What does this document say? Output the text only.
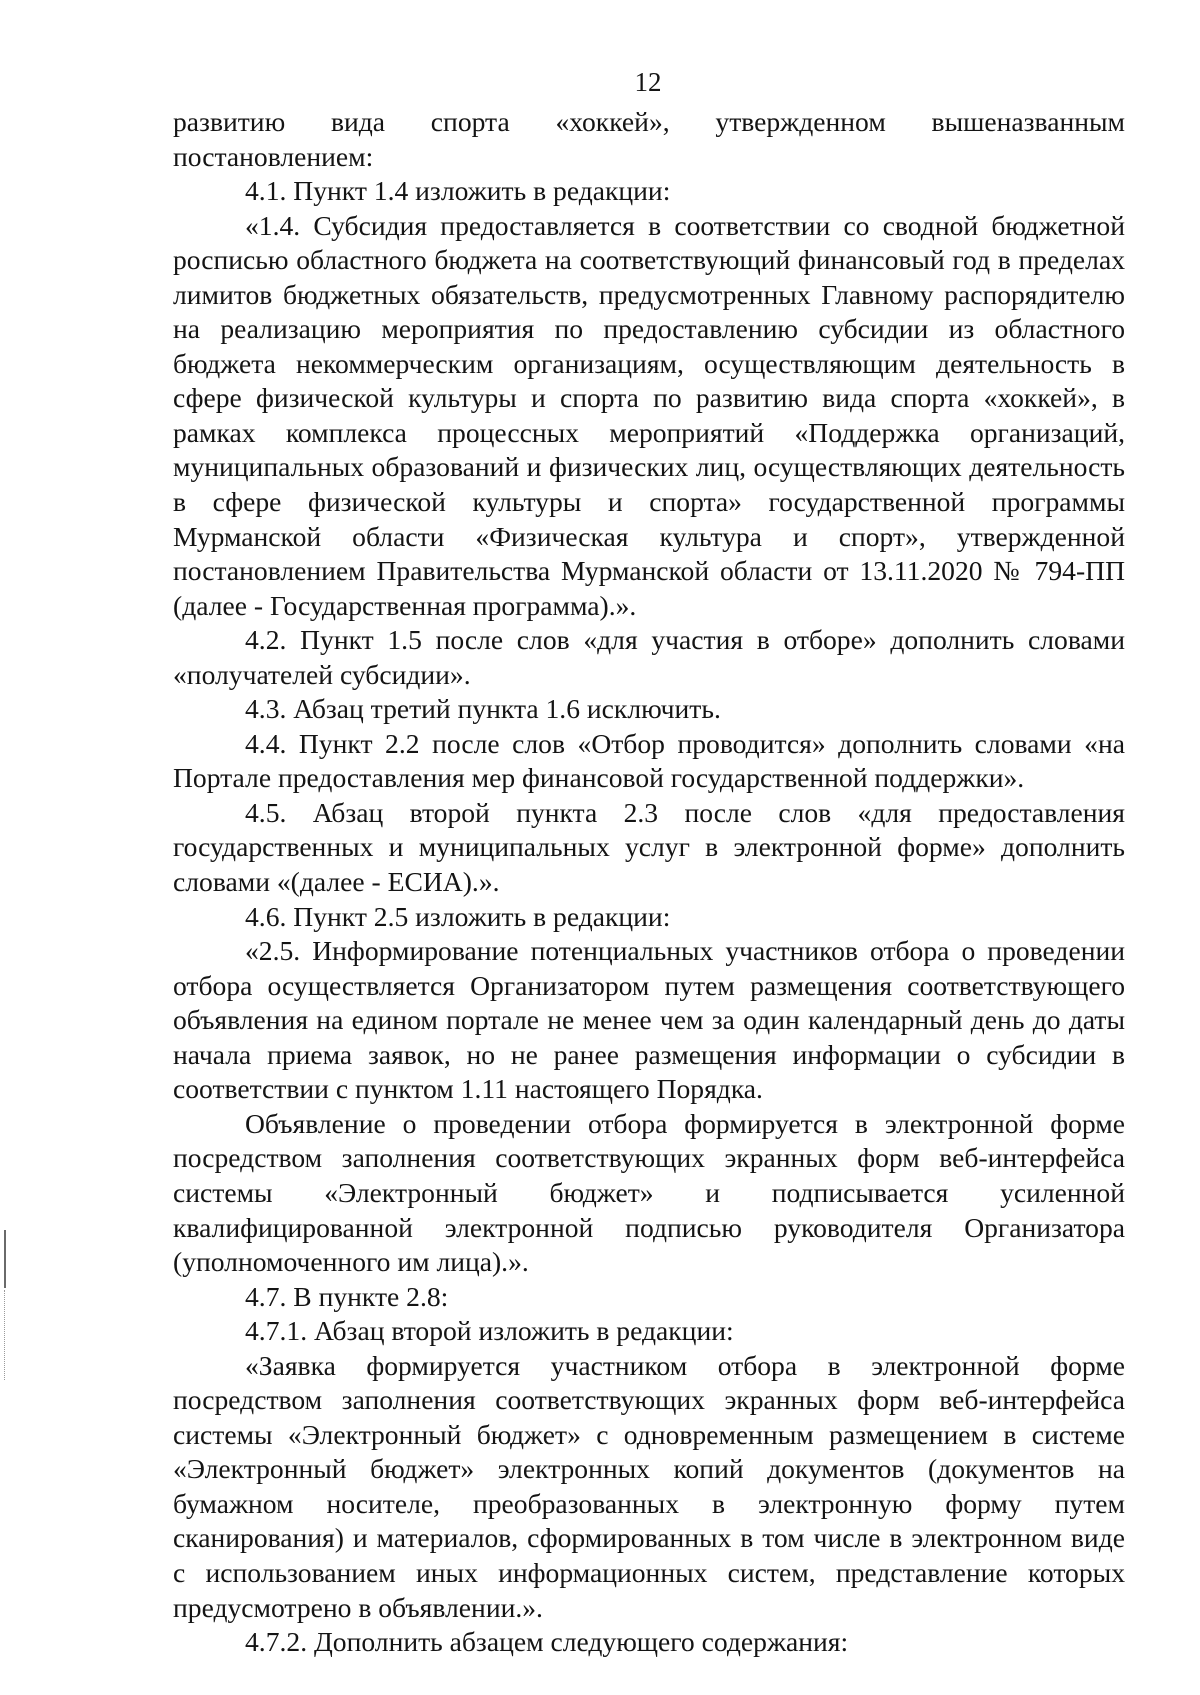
12

развитию вида спорта «хоккей», утвержденном вышеназванным постановлением:

4.1. Пункт 1.4 изложить в редакции:

«1.4. Субсидия предоставляется в соответствии со сводной бюджетной росписью областного бюджета на соответствующий финансовый год в пределах лимитов бюджетных обязательств, предусмотренных Главному распорядителю на реализацию мероприятия по предоставлению субсидии из областного бюджета некоммерческим организациям, осуществляющим деятельность в сфере физической культуры и спорта по развитию вида спорта «хоккей», в рамках комплекса процессных мероприятий «Поддержка организаций, муниципальных образований и физических лиц, осуществляющих деятельность в сфере физической культуры и спорта» государственной программы Мурманской области «Физическая культура и спорт», утвержденной постановлением Правительства Мурманской области от 13.11.2020 № 794-ПП (далее - Государственная программа).».

4.2. Пункт 1.5 после слов «для участия в отборе» дополнить словами «получателей субсидии».

4.3. Абзац третий пункта 1.6 исключить.

4.4. Пункт 2.2 после слов «Отбор проводится» дополнить словами «на Портале предоставления мер финансовой государственной поддержки».

4.5. Абзац второй пункта 2.3 после слов «для предоставления государственных и муниципальных услуг в электронной форме» дополнить словами «(далее - ЕСИА).».

4.6. Пункт 2.5 изложить в редакции:

«2.5. Информирование потенциальных участников отбора о проведении отбора осуществляется Организатором путем размещения соответствующего объявления на едином портале не менее чем за один календарный день до даты начала приема заявок, но не ранее размещения информации о субсидии в соответствии с пунктом 1.11 настоящего Порядка.

Объявление о проведении отбора формируется в электронной форме посредством заполнения соответствующих экранных форм веб-интерфейса системы «Электронный бюджет» и подписывается усиленной квалифицированной электронной подписью руководителя Организатора (уполномоченного им лица).».

4.7. В пункте 2.8:

4.7.1. Абзац второй изложить в редакции:

«Заявка формируется участником отбора в электронной форме посредством заполнения соответствующих экранных форм веб-интерфейса системы «Электронный бюджет» с одновременным размещением в системе «Электронный бюджет» электронных копий документов (документов на бумажном носителе, преобразованных в электронную форму путем сканирования) и материалов, сформированных в том числе в электронном виде с использованием иных информационных систем, представление которых предусмотрено в объявлении.».

4.7.2. Дополнить абзацем следующего содержания:
